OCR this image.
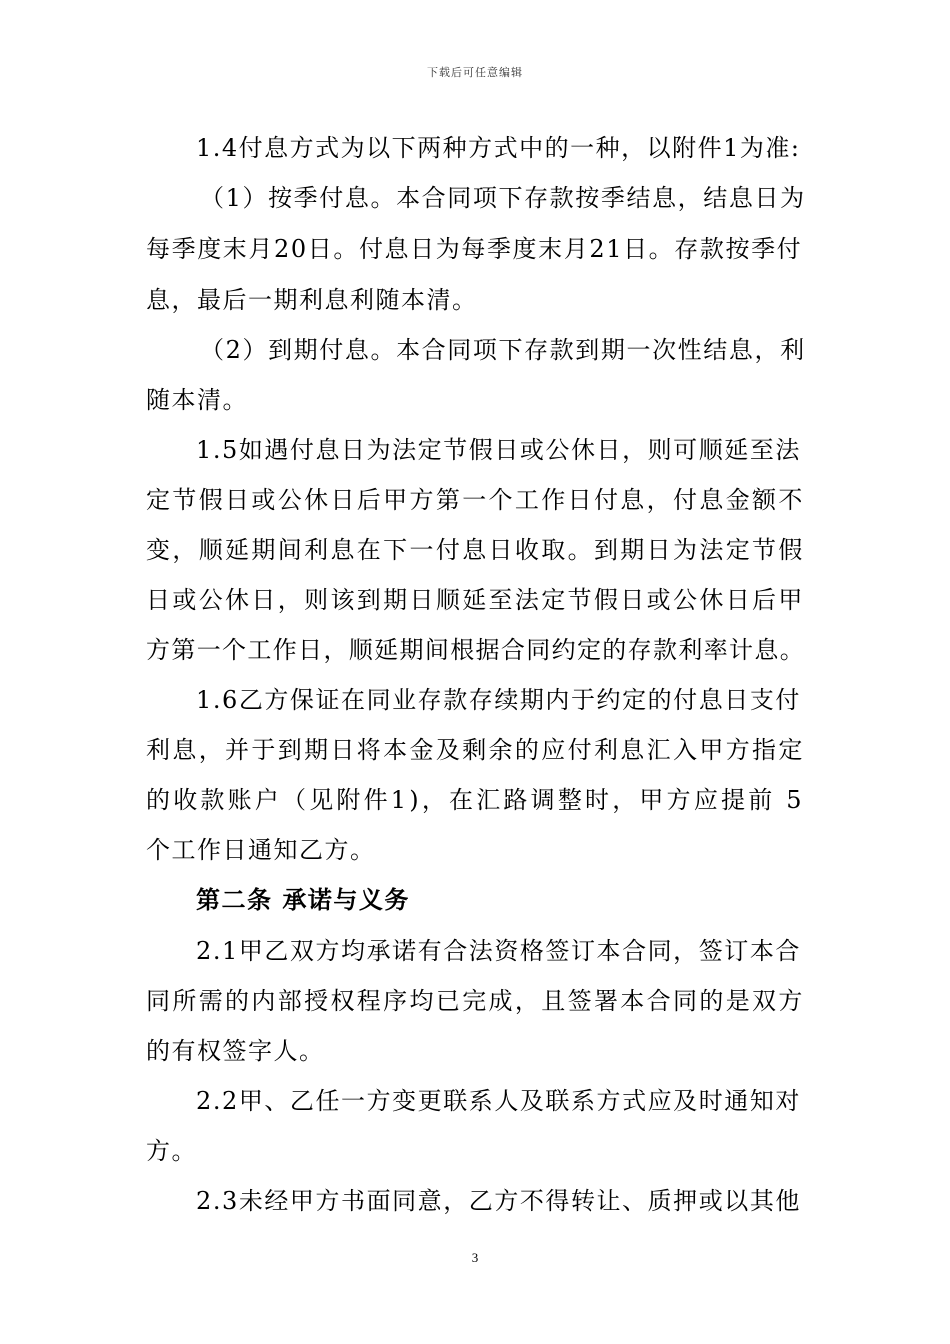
下载后可任意编辑
1.4付息方式为以下两种方式中的一种，以附件1为准:
（1）按季付息。本合同项下存款按季结息，结息日为
每季度末月20日。付息日为每季度末月21日。存款按季付
息，最后一期利息利随本清。
（2）到期付息。本合同项下存款到期一次性结息，利
随本清。
1.5如遇付息日为法定节假日或公休日，则可顺延至法
定节假日或公休日后甲方第一个工作日付息，付息金额不
变，顺延期间利息在下一付息日收取。到期日为法定节假
日或公休日，则该到期日顺延至法定节假日或公休日后甲
方第一个工作日，顺延期间根据合同约定的存款利率计息。
1.6乙方保证在同业存款存续期内于约定的付息日支付
利息，并于到期日将本金及剩余的应付利息汇入甲方指定
的收款账户（见附件1)，在汇路调整时，甲方应提前 5
个工作日通知乙方。
第二条 承诺与义务
2.1甲乙双方均承诺有合法资格签订本合同，签订本合
同所需的内部授权程序均已完成，且签署本合同的是双方
的有权签字人。
2.2甲、乙任一方变更联系人及联系方式应及时通知对
方。
2.3未经甲方书面同意，乙方不得转让、质押或以其他
3
